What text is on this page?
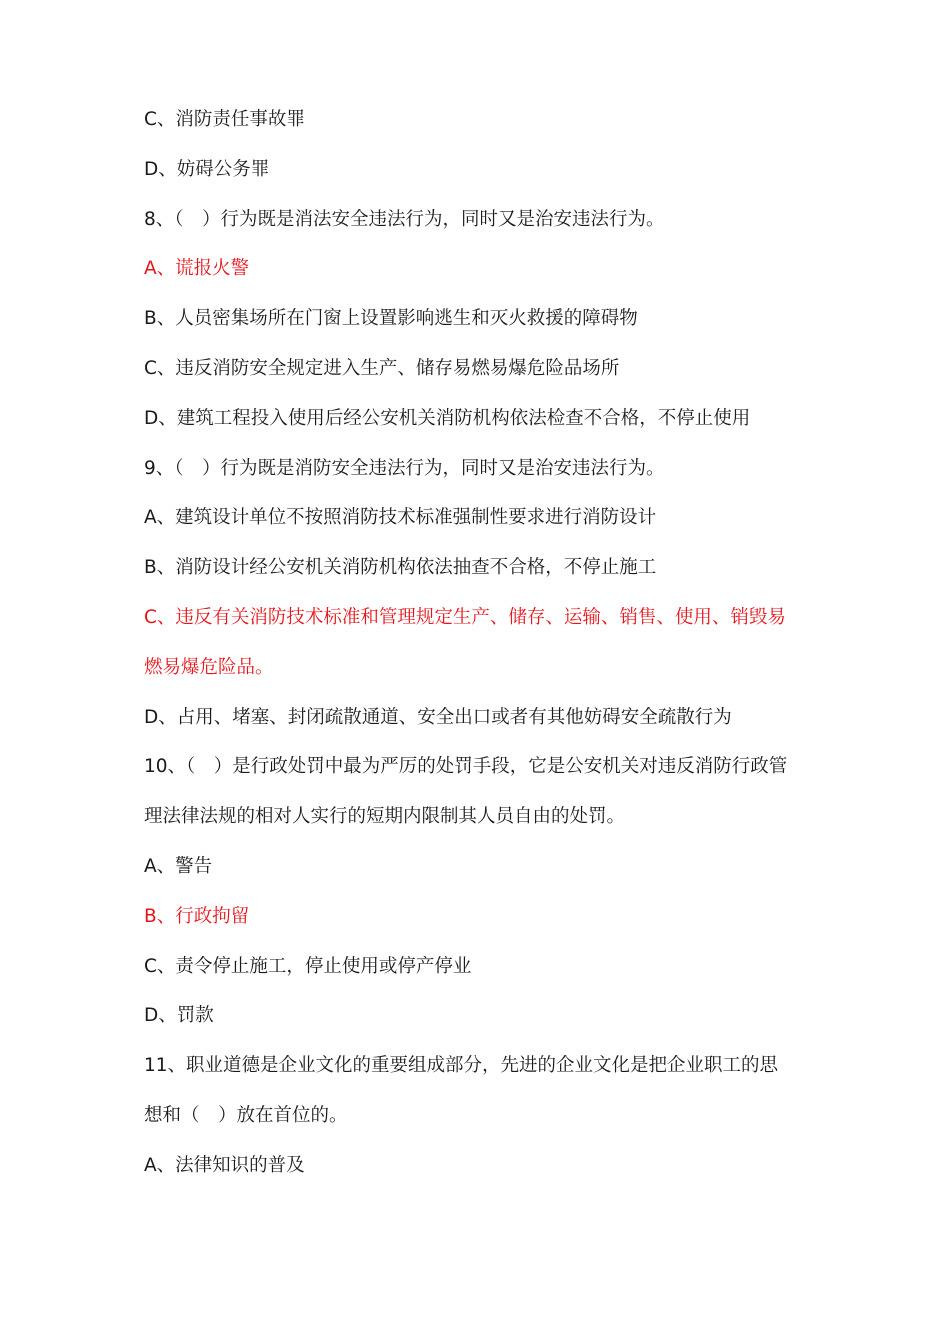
C、消防责任事故罪
D、妨碍公务罪
8、（　）行为既是消法安全违法行为，同时又是治安违法行为。
A、谎报火警
B、人员密集场所在门窗上设置影响逃生和灭火救援的障碍物
C、违反消防安全规定进入生产、储存易燃易爆危险品场所
D、建筑工程投入使用后经公安机关消防机构依法检查不合格，不停止使用
9、（　）行为既是消防安全违法行为，同时又是治安违法行为。
A、建筑设计单位不按照消防技术标准强制性要求进行消防设计
B、消防设计经公安机关消防机构依法抽查不合格，不停止施工
C、违反有关消防技术标准和管理规定生产、储存、运输、销售、使用、销毁易
燃易爆危险品。
D、占用、堵塞、封闭疏散通道、安全出口或者有其他妨碍安全疏散行为
10、（　）是行政处罚中最为严厉的处罚手段，它是公安机关对违反消防行政管
理法律法规的相对人实行的短期内限制其人员自由的处罚。
A、警告
B、行政拘留
C、责令停止施工，停止使用或停产停业
D、罚款
11、职业道德是企业文化的重要组成部分，先进的企业文化是把企业职工的思
想和（　）放在首位的。
A、法律知识的普及
